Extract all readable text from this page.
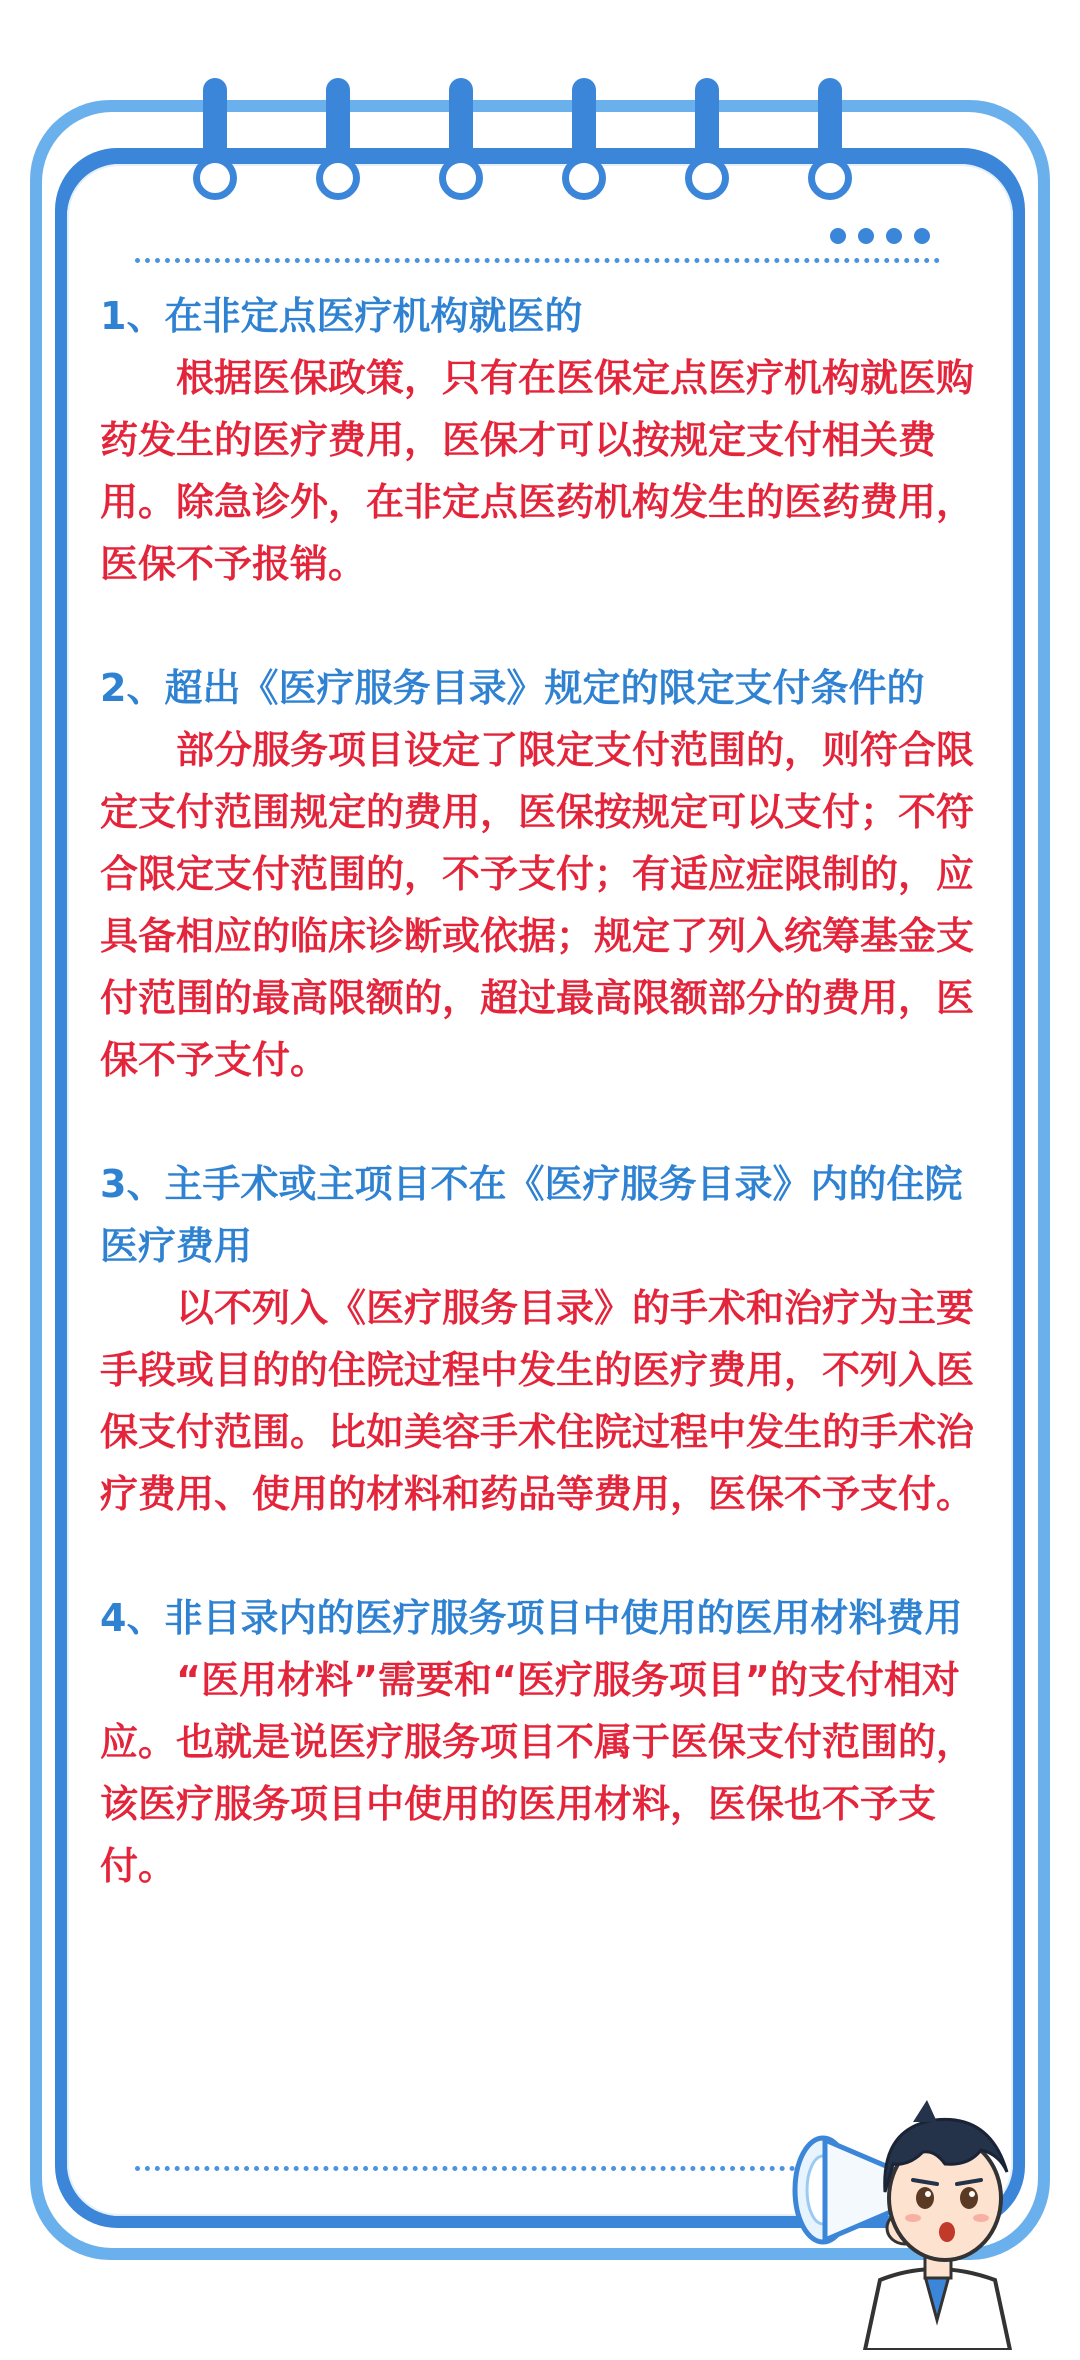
1、在非定点医疗机构就医的

根据医保政策，只有在医保定点医疗机构就医购药发生的医疗费用，医保才可以按规定支付相关费用。除急诊外，在非定点医药机构发生的医药费用，医保不予报销。

2、超出《医疗服务目录》规定的限定支付条件的

部分服务项目设定了限定支付范围的，则符合限定支付范围规定的费用，医保按规定可以支付；不符合限定支付范围的，不予支付；有适应症限制的，应具备相应的临床诊断或依据；规定了列入统筹基金支付范围的最高限额的，超过最高限额部分的费用，医保不予支付。

3、主手术或主项目不在《医疗服务目录》内的住院医疗费用

以不列入《医疗服务目录》的手术和治疗为主要手段或目的的住院过程中发生的医疗费用，不列入医保支付范围。比如美容手术住院过程中发生的手术治疗费用、使用的材料和药品等费用，医保不予支付。

4、非目录内的医疗服务项目中使用的医用材料费用

“医用材料”需要和“医疗服务项目”的支付相对应。也就是说医疗服务项目不属于医保支付范围的，该医疗服务项目中使用的医用材料，医保也不予支付。
